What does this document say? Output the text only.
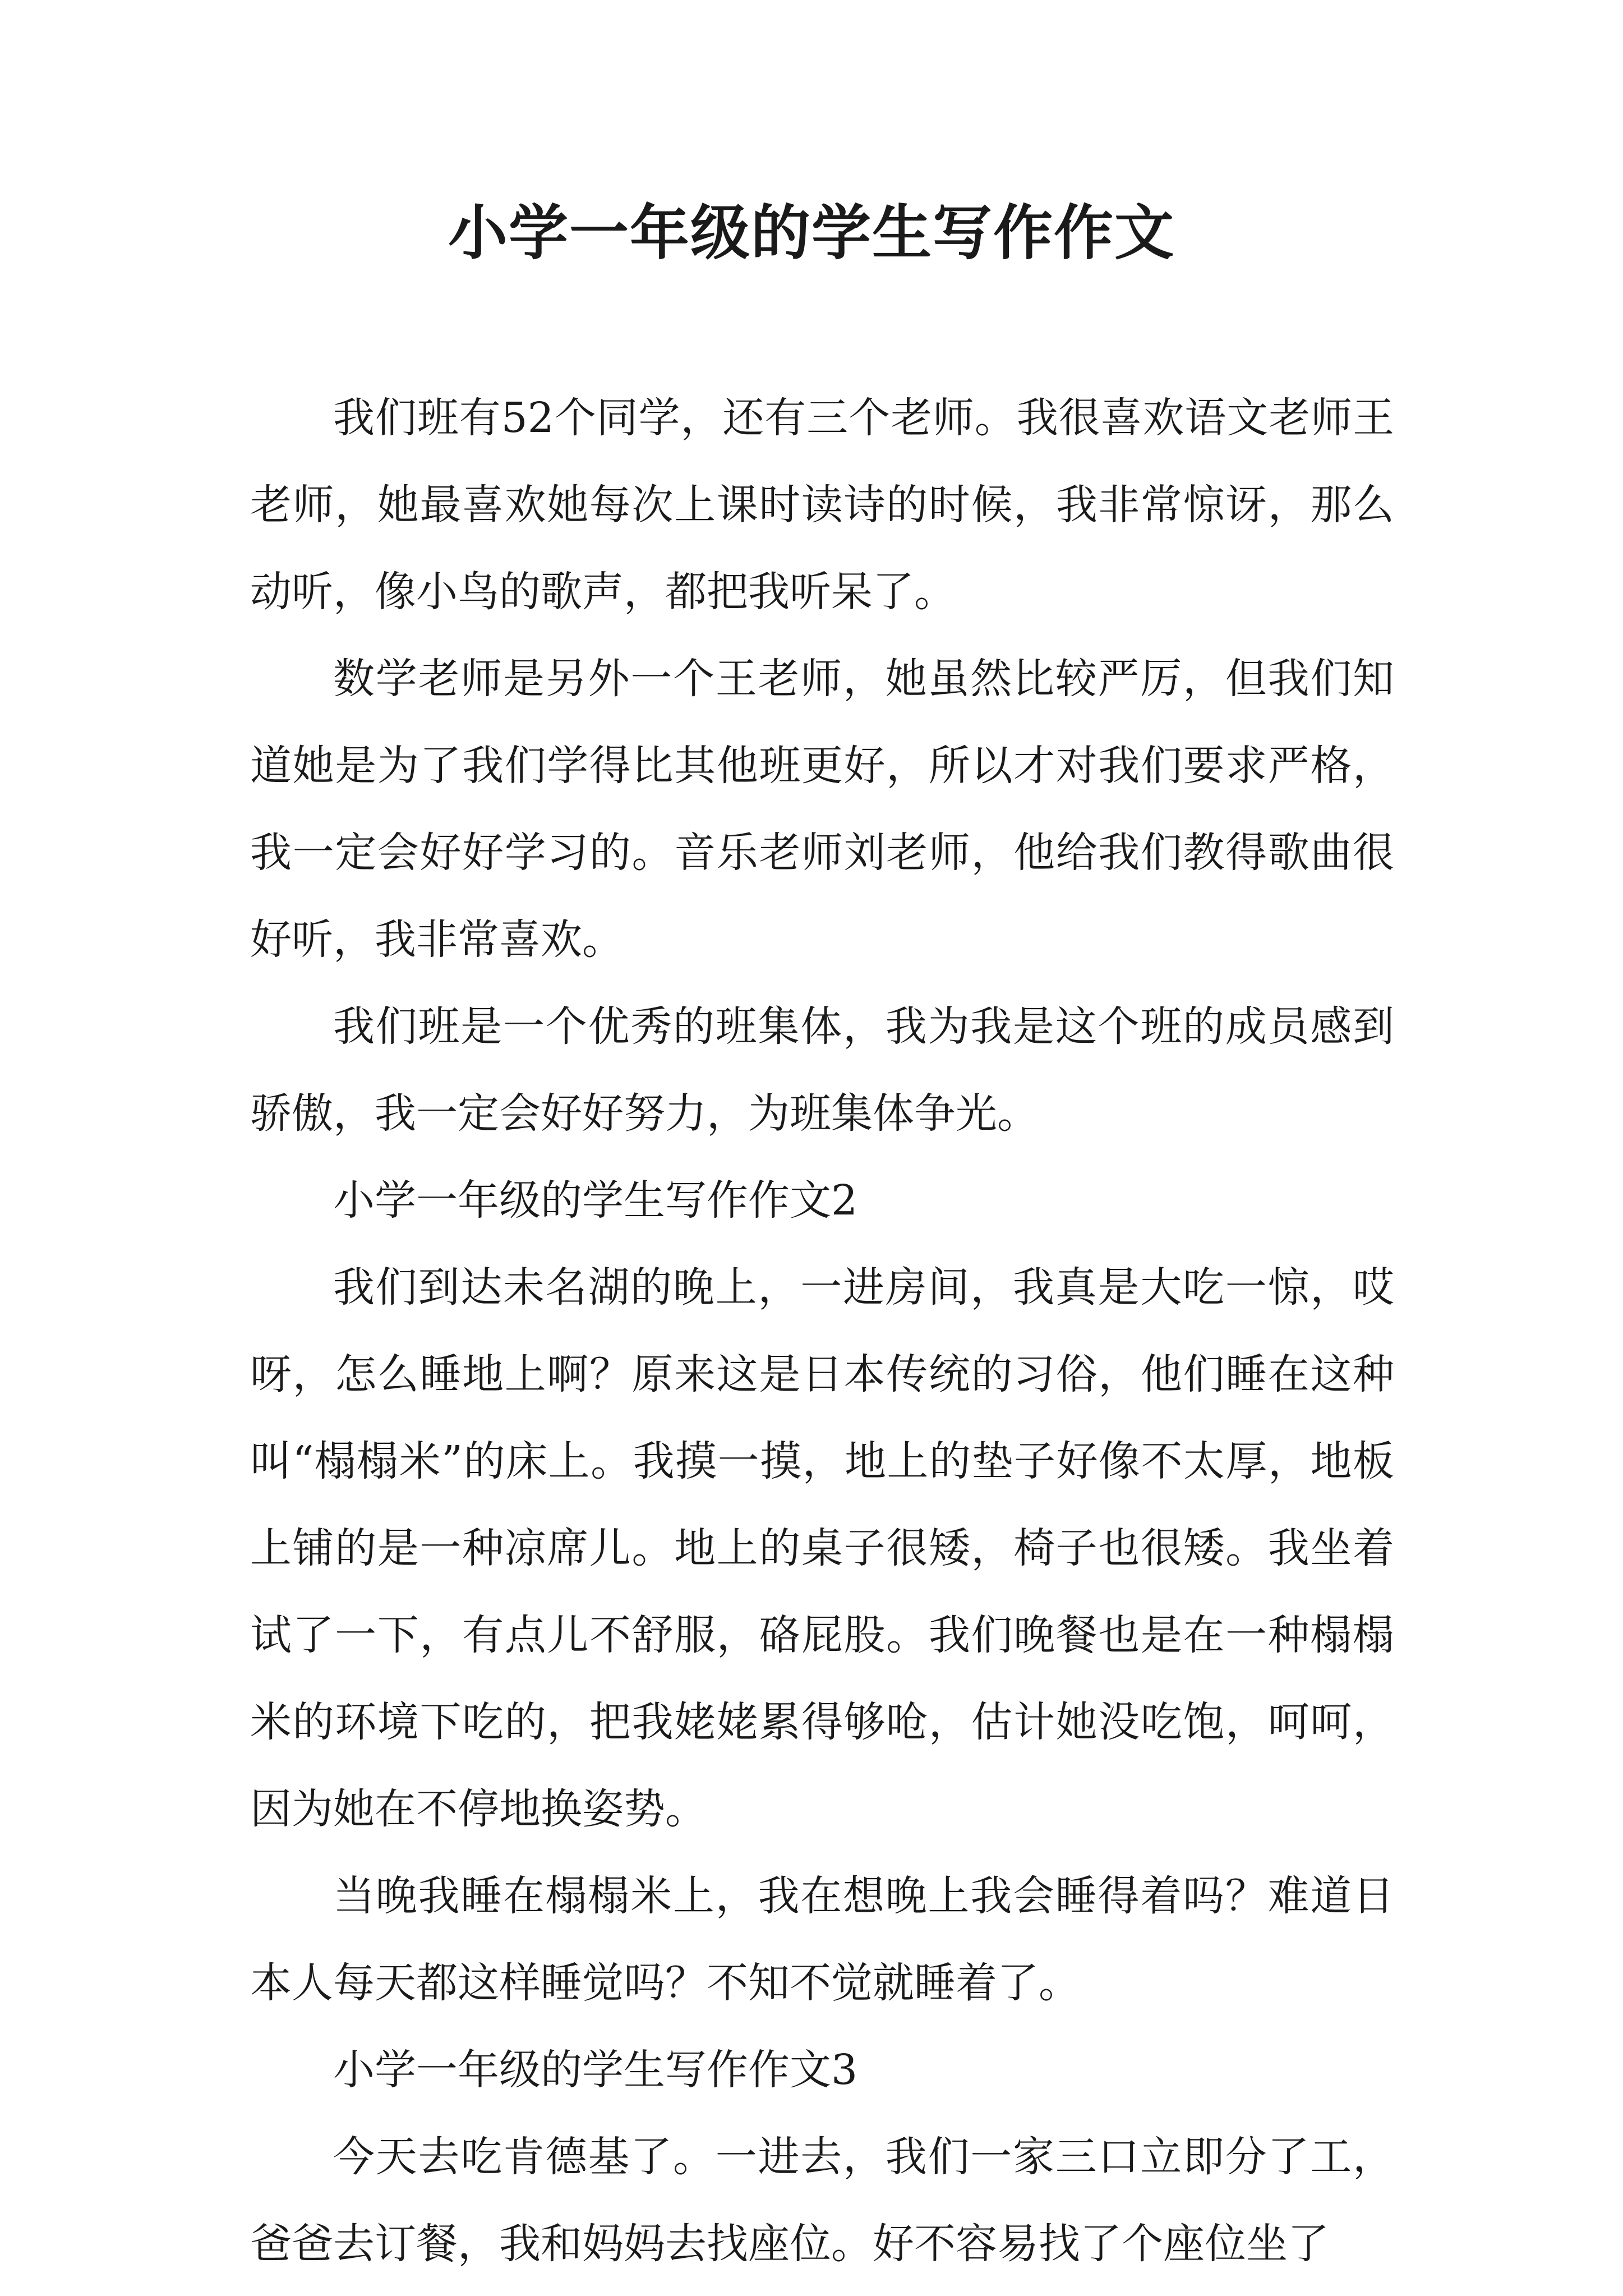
小学一年级的学生写作作文

我们班有52个同学，还有三个老师。我很喜欢语文老师王老师，她最喜欢她每次上课时读诗的时候，我非常惊讶，那么动听，像小鸟的歌声，都把我听呆了。

数学老师是另外一个王老师，她虽然比较严厉，但我们知道她是为了我们学得比其他班更好，所以才对我们要求严格，我一定会好好学习的。音乐老师刘老师，他给我们教得歌曲很好听，我非常喜欢。

我们班是一个优秀的班集体，我为我是这个班的成员感到骄傲，我一定会好好努力，为班集体争光。

小学一年级的学生写作作文2

我们到达未名湖的晚上，一进房间，我真是大吃一惊，哎呀，怎么睡地上啊？原来这是日本传统的习俗，他们睡在这种叫“榻榻米”的床上。我摸一摸，地上的垫子好像不太厚，地板上铺的是一种凉席儿。地上的桌子很矮，椅子也很矮。我坐着试了一下，有点儿不舒服，硌屁股。我们晚餐也是在一种榻榻米的环境下吃的，把我姥姥累得够呛，估计她没吃饱，呵呵，因为她在不停地换姿势。

当晚我睡在榻榻米上，我在想晚上我会睡得着吗？难道日本人每天都这样睡觉吗？不知不觉就睡着了。

小学一年级的学生写作作文3

今天去吃肯德基了。一进去，我们一家三口立即分了工，爸爸去订餐，我和妈妈去找座位。好不容易找了个座位坐了
